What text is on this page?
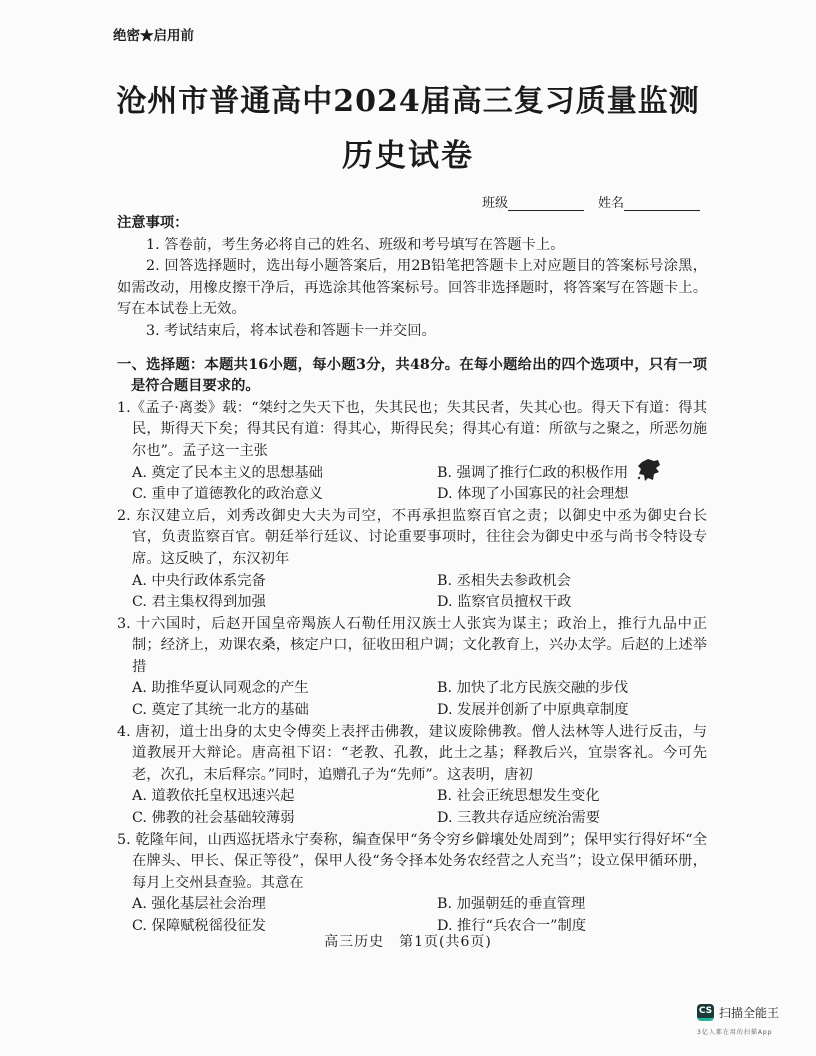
绝密★启用前
沧州市普通高中2024届高三复习质量监测
历史试卷
班级	姓名

注意事项：

1. 答卷前，考生务必将自己的姓名、班级和考号填写在答题卡上。

2. 回答选择题时，选出每小题答案后，用2B铅笔把答题卡上对应题目的答案标号涂黑，如需改动，用橡皮擦干净后，再选涂其他答案标号。回答非选择题时，将答案写在答题卡上。写在本试卷上无效。

3. 考试结束后，将本试卷和答题卡一并交回。

一、选择题：本题共16小题，每小题3分，共48分。在每小题给出的四个选项中，只有一项是符合题目要求的。

1.《孟子·离娄》载：“桀纣之失天下也，失其民也；失其民者，失其心也。得天下有道：得其民，斯得天下矣；得其民有道：得其心，斯得民矣；得其心有道：所欲与之聚之，所恶勿施尔也”。孟子这一主张

A. 奠定了民本主义的思想基础	B. 强调了推行仁政的积极作用
C. 重申了道德教化的政治意义	D. 体现了小国寡民的社会理想

2. 东汉建立后，刘秀改御史大夫为司空，不再承担监察百官之责；以御史中丞为御史台长官，负责监察百官。朝廷举行廷议、讨论重要事项时，往往会为御史中丞与尚书令特设专席。这反映了，东汉初年

A. 中央行政体系完备	B. 丞相失去参政机会
C. 君主集权得到加强	D. 监察官员擅权干政

3. 十六国时，后赵开国皇帝羯族人石勒任用汉族士人张宾为谋主；政治上，推行九品中正制；经济上，劝课农桑，核定户口，征收田租户调；文化教育上，兴办太学。后赵的上述举措

A. 助推华夏认同观念的产生	B. 加快了北方民族交融的步伐
C. 奠定了其统一北方的基础	D. 发展并创新了中原典章制度

4. 唐初，道士出身的太史令傅奕上表抨击佛教，建议废除佛教。僧人法林等人进行反击，与道教展开大辩论。唐高祖下诏：“老教、孔教，此土之基；释教后兴，宜崇客礼。今可先老，次孔，末后释宗。”同时，追赠孔子为“先师”。这表明，唐初

A. 道教依托皇权迅速兴起	B. 社会正统思想发生变化
C. 佛教的社会基础较薄弱	D. 三教共存适应统治需要

5. 乾隆年间，山西巡抚塔永宁奏称，编查保甲“务令穷乡僻壤处处周到”；保甲实行得好坏“全在牌头、甲长、保正等役”，保甲人役“务令择本处务农经营之人充当”；设立保甲循环册，每月上交州县查验。其意在

A. 强化基层社会治理	B. 加强朝廷的垂直管理
C. 保障赋税徭役征发	D. 推行“兵农合一”制度
高三历史　第1页(共6页)
CS 扫描全能王
3亿人都在用的扫描App
